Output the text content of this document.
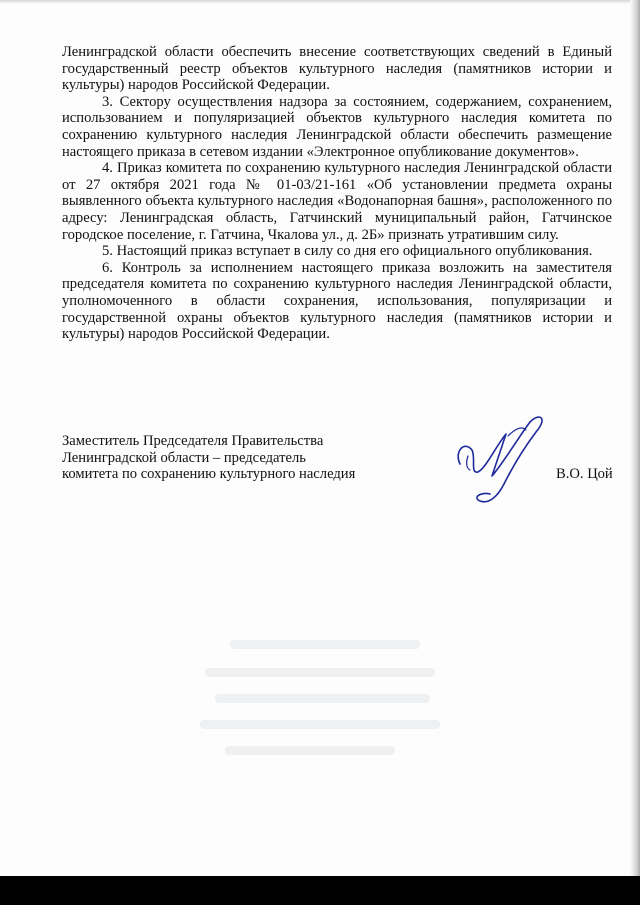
Ленинградской области обеспечить внесение соответствующих сведений в Единый государственный реестр объектов культурного наследия (памятников истории и культуры) народов Российской Федерации.

3. Сектору осуществления надзора за состоянием, содержанием, сохранением, использованием и популяризацией объектов культурного наследия комитета по сохранению культурного наследия Ленинградской области обеспечить размещение настоящего приказа в сетевом издании «Электронное опубликование документов».

4. Приказ комитета по сохранению культурного наследия Ленинградской области от 27 октября 2021 года № 01-03/21-161 «Об установлении предмета охраны выявленного объекта культурного наследия «Водонапорная башня», расположенного по адресу: Ленинградская область, Гатчинский муниципальный район, Гатчинское городское поселение, г. Гатчина, Чкалова ул., д. 2Б» признать утратившим силу.

5. Настоящий приказ вступает в силу со дня его официального опубликования.

6. Контроль за исполнением настоящего приказа возложить на заместителя председателя комитета по сохранению культурного наследия Ленинградской области, уполномоченного в области сохранения, использования, популяризации и государственной охраны объектов культурного наследия (памятников истории и культуры) народов Российской Федерации.

Заместитель Председателя Правительства
Ленинградской области – председатель
комитета по сохранению культурного наследия	В.О. Цой
